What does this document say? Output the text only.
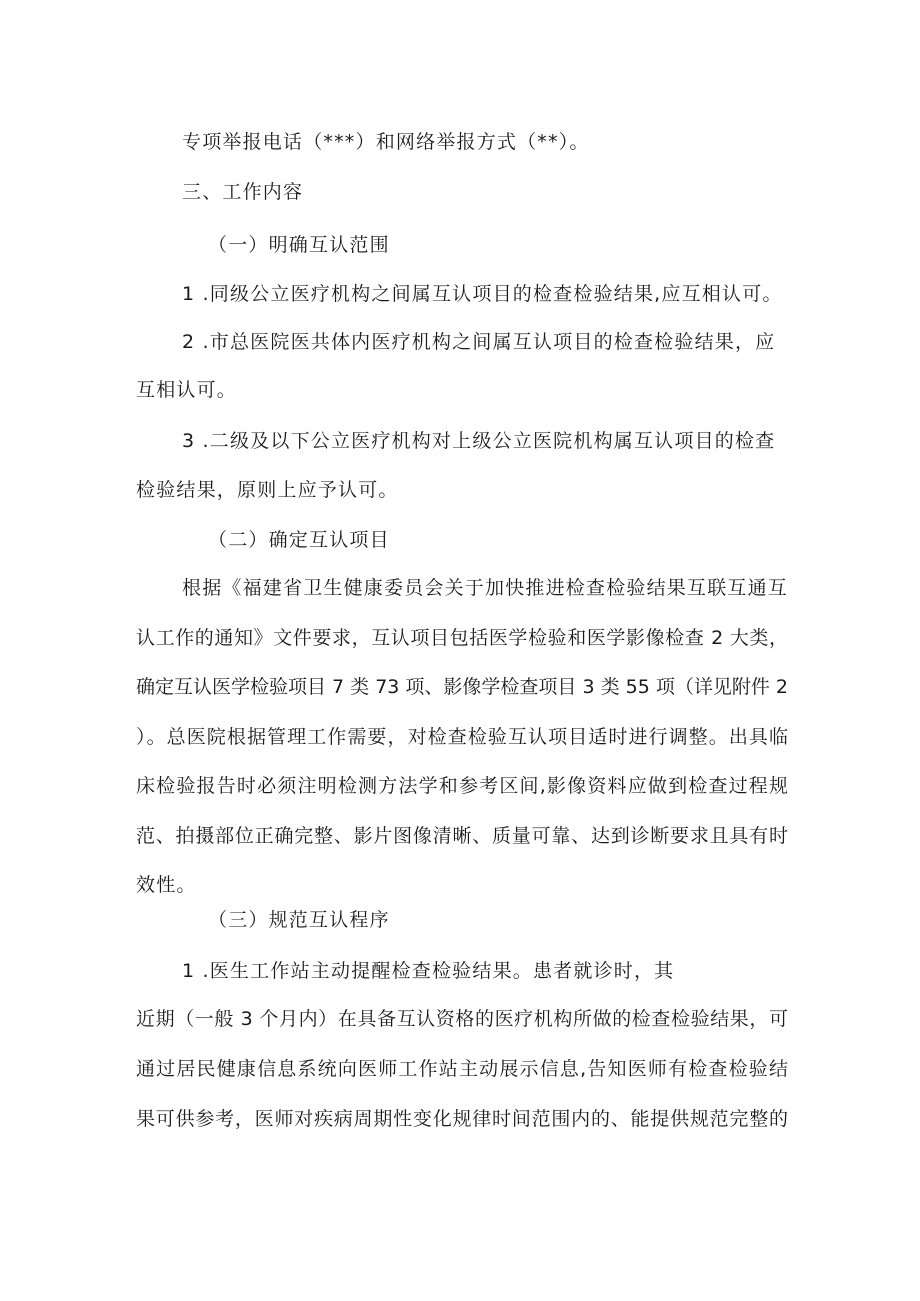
专项举报电话（***）和网络举报方式（**）。
三、工作内容
（一）明确互认范围
1 .同级公立医疗机构之间属互认项目的检查检验结果,应互相认可。
2 .市总医院医共体内医疗机构之间属互认项目的检查检验结果，应
互相认可。
3 .二级及以下公立医疗机构对上级公立医院机构属互认项目的检查
检验结果，原则上应予认可。
（二）确定互认项目
根据《福建省卫生健康委员会关于加快推进检查检验结果互联互通互
认工作的通知》文件要求，互认项目包括医学检验和医学影像检查 2 大类，
确定互认医学检验项目 7 类 73 项、影像学检查项目 3 类 55 项（详见附件 2
）。总医院根据管理工作需要，对检查检验互认项目适时进行调整。出具临
床检验报告时必须注明检测方法学和参考区间,影像资料应做到检查过程规
范、拍摄部位正确完整、影片图像清晰、质量可靠、达到诊断要求且具有时
效性。
（三）规范互认程序
1 .医生工作站主动提醒检查检验结果。患者就诊时，其
近期（一般 3 个月内）在具备互认资格的医疗机构所做的检查检验结果，可
通过居民健康信息系统向医师工作站主动展示信息,告知医师有检查检验结
果可供参考，医师对疾病周期性变化规律时间范围内的、能提供规范完整的
